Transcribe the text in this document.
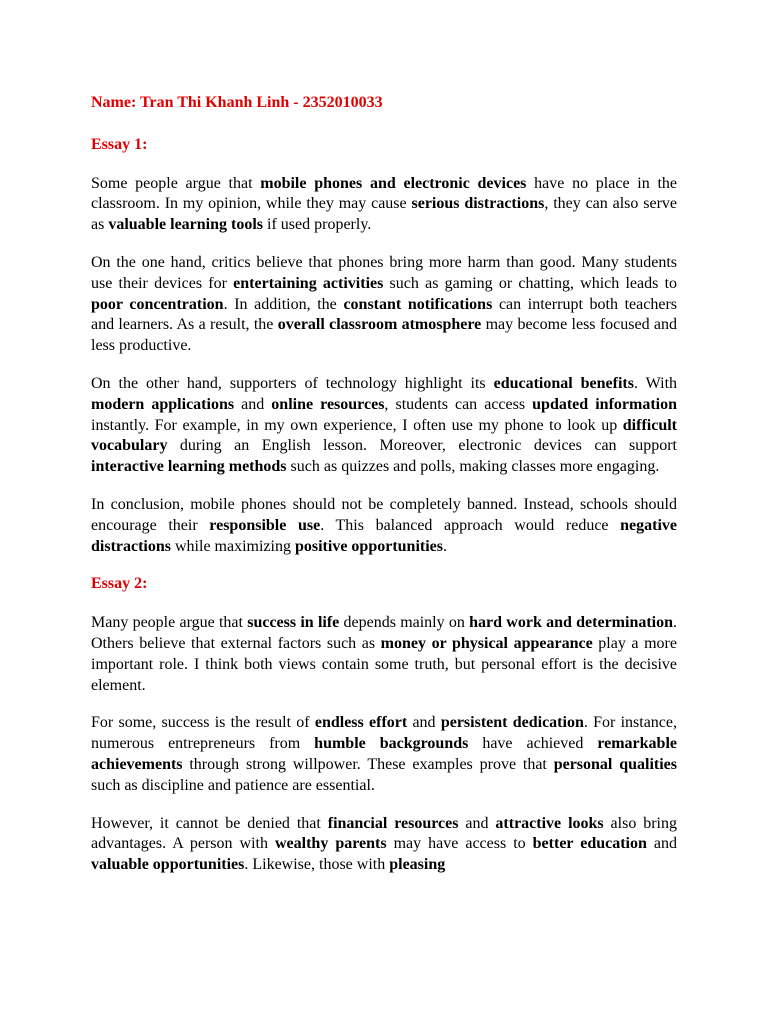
Name: Tran Thi Khanh Linh - 2352010033

Essay 1:

Some people argue that mobile phones and electronic devices have no place in the classroom. In my opinion, while they may cause serious distractions, they can also serve as valuable learning tools if used properly.

On the one hand, critics believe that phones bring more harm than good. Many students use their devices for entertaining activities such as gaming or chatting, which leads to poor concentration. In addition, the constant notifications can interrupt both teachers and learners. As a result, the overall classroom atmosphere may become less focused and less productive.

On the other hand, supporters of technology highlight its educational benefits. With modern applications and online resources, students can access updated information instantly. For example, in my own experience, I often use my phone to look up difficult vocabulary during an English lesson. Moreover, electronic devices can support interactive learning methods such as quizzes and polls, making classes more engaging.

In conclusion, mobile phones should not be completely banned. Instead, schools should encourage their responsible use. This balanced approach would reduce negative distractions while maximizing positive opportunities.

Essay 2:

Many people argue that success in life depends mainly on hard work and determination. Others believe that external factors such as money or physical appearance play a more important role. I think both views contain some truth, but personal effort is the decisive element.

For some, success is the result of endless effort and persistent dedication. For instance, numerous entrepreneurs from humble backgrounds have achieved remarkable achievements through strong willpower. These examples prove that personal qualities such as discipline and patience are essential.

However, it cannot be denied that financial resources and attractive looks also bring advantages. A person with wealthy parents may have access to better education and valuable opportunities. Likewise, those with pleasing
